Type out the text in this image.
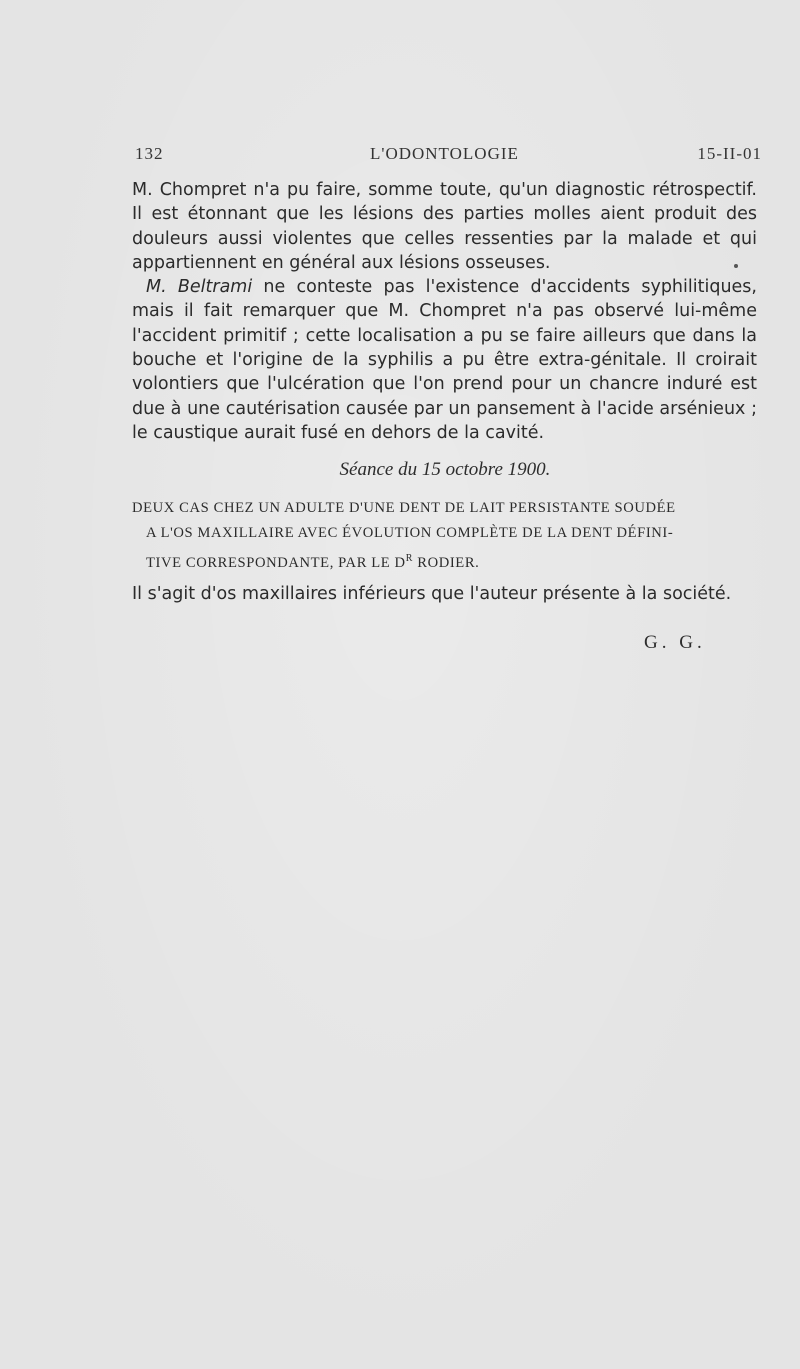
132	L'ODONTOLOGIE	15-II-01

M. Chompret n'a pu faire, somme toute, qu'un diagnostic rétrospectif. Il est étonnant que les lésions des parties molles aient produit des douleurs aussi violentes que celles ressenties par la malade et qui appartiennent en général aux lésions osseuses.

M. Beltrami ne conteste pas l'existence d'accidents syphilitiques, mais il fait remarquer que M. Chompret n'a pas observé lui-même l'accident primitif ; cette localisation a pu se faire ailleurs que dans la bouche et l'origine de la syphilis a pu être extra-génitale. Il croirait volontiers que l'ulcération que l'on prend pour un chancre induré est due à une cautérisation causée par un pansement à l'acide arsénieux ; le caustique aurait fusé en dehors de la cavité.

Séance du 15 octobre 1900.
DEUX CAS CHEZ UN ADULTE D'UNE DENT DE LAIT PERSISTANTE SOUDÉE
A L'OS MAXILLAIRE AVEC ÉVOLUTION COMPLÈTE DE LA DENT DÉFINI-
TIVE CORRESPONDANTE, PAR LE $D^R$ RODIER.
Il s'agit d'os maxillaires inférieurs que l'auteur présente à la société.
G. G.
